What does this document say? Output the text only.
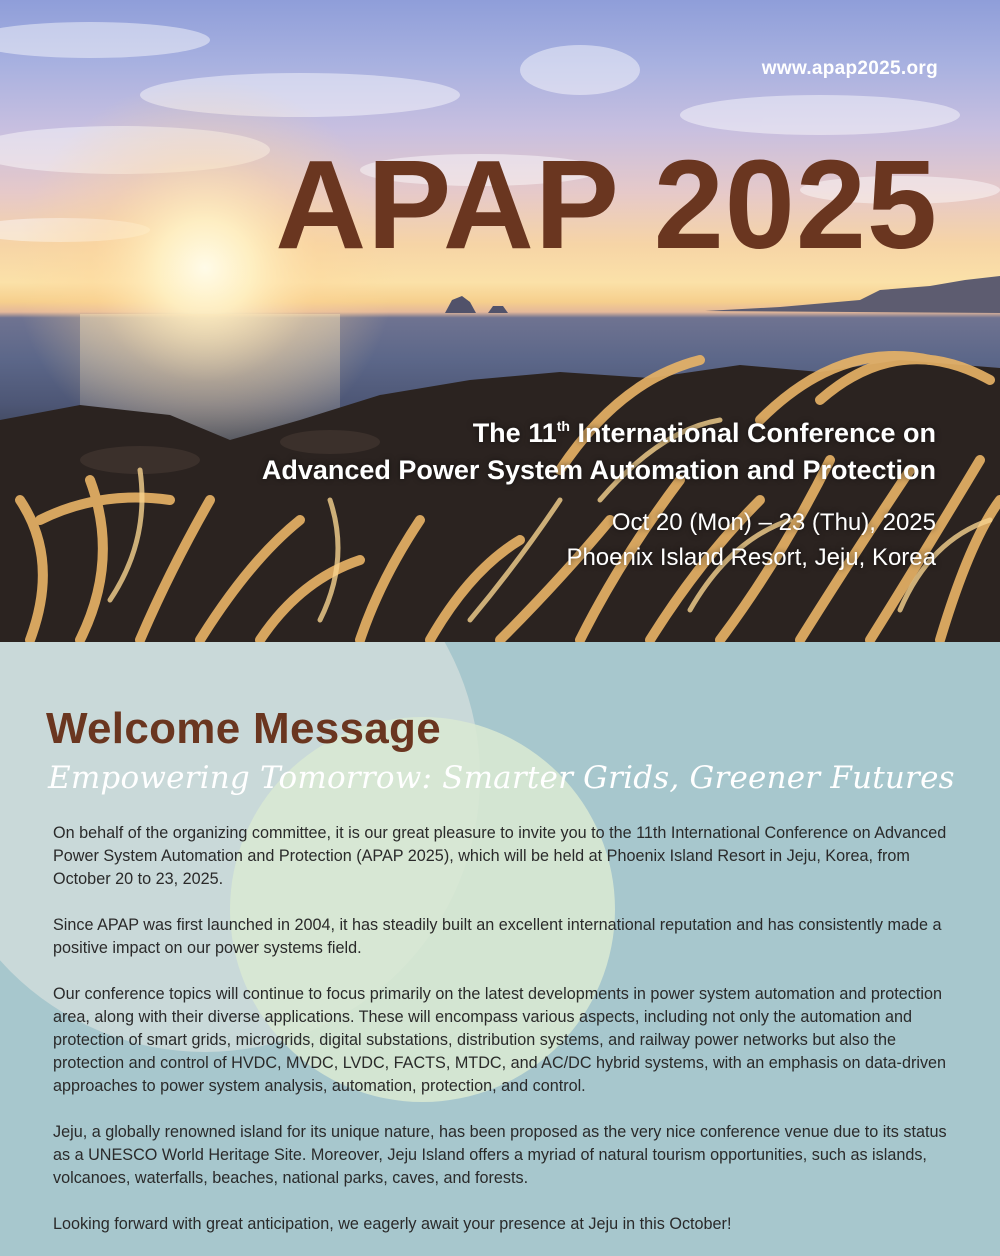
www.apap2025.org
APAP 2025
The 11th International Conference on
Advanced Power System Automation and Protection
Oct 20 (Mon) – 23 (Thu), 2025
Phoenix Island Resort, Jeju, Korea
Welcome Message
Empowering Tomorrow: Smarter Grids, Greener Futures

On behalf of the organizing committee, it is our great pleasure to invite you to the 11th International Conference on Advanced Power System Automation and Protection (APAP 2025), which will be held at Phoenix Island Resort in Jeju, Korea, from October 20 to 23, 2025.

Since APAP was first launched in 2004, it has steadily built an excellent international reputation and has consistently made a positive impact on our power systems field.

Our conference topics will continue to focus primarily on the latest developments in power system automation and protection area, along with their diverse applications. These will encompass various aspects, including not only the automation and protection of smart grids, microgrids, digital substations, distribution systems, and railway power networks but also the protection and control of HVDC, MVDC, LVDC, FACTS, MTDC, and AC/DC hybrid systems, with an emphasis on data-driven approaches to power system analysis, automation, protection, and control.

Jeju, a globally renowned island for its unique nature, has been proposed as the very nice conference venue due to its status as a UNESCO World Heritage Site. Moreover, Jeju Island offers a myriad of natural tourism opportunities, such as islands, volcanoes, waterfalls, beaches, national parks, caves, and forests.

Looking forward with great anticipation, we eagerly await your presence at Jeju in this October!
